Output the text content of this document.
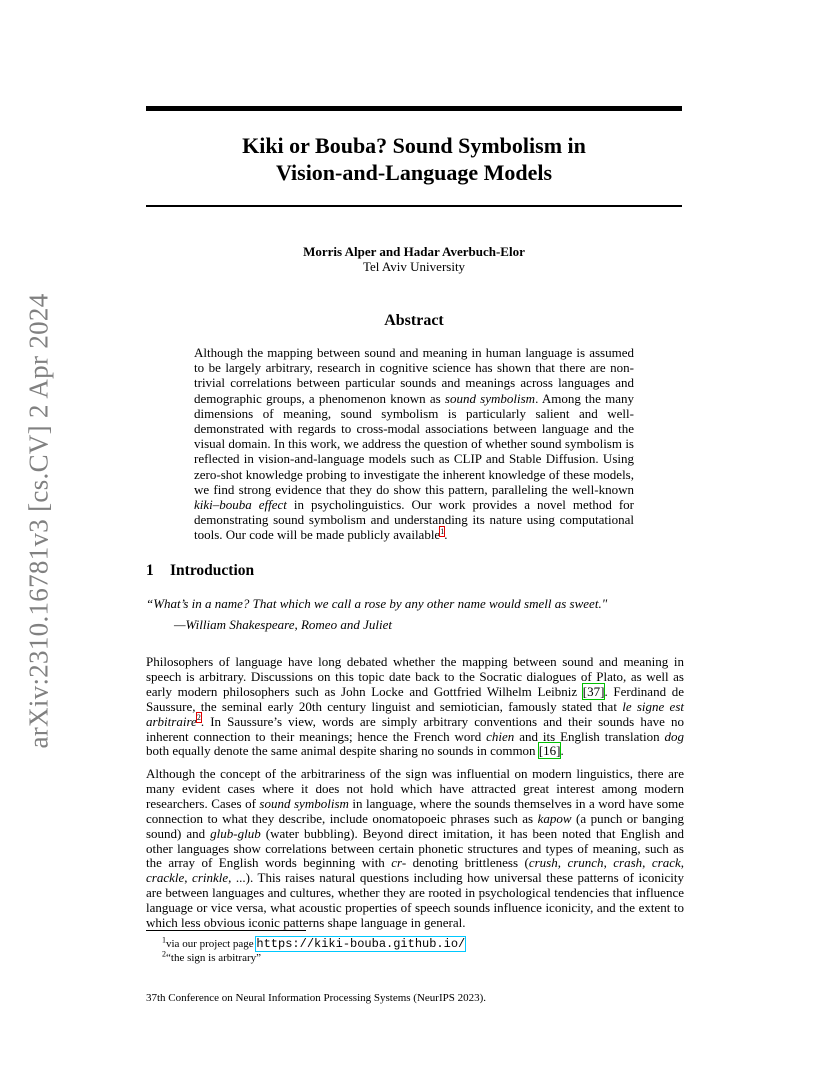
arXiv:2310.16781v3 [cs.CV] 2 Apr 2024
Kiki or Bouba? Sound Symbolism in
Vision-and-Language Models
Morris Alper and Hadar Averbuch-Elor
Tel Aviv University
Abstract
Although the mapping between sound and meaning in human language is assumed to be largely arbitrary, research in cognitive science has shown that there are non-trivial correlations between particular sounds and meanings across languages and demographic groups, a phenomenon known as sound symbolism. Among the many dimensions of meaning, sound symbolism is particularly salient and well-demonstrated with regards to cross-modal associations between language and the visual domain. In this work, we address the question of whether sound symbolism is reflected in vision-and-language models such as CLIP and Stable Diffusion. Using zero-shot knowledge probing to investigate the inherent knowledge of these models, we find strong evidence that they do show this pattern, paralleling the well-known kiki–bouba effect in psycholinguistics. Our work provides a novel method for demonstrating sound symbolism and understanding its nature using computational tools. Our code will be made publicly available$^1$.
1 Introduction
“What’s in a name? That which we call a rose by any other name would smell as sweet."
—William Shakespeare, Romeo and Juliet
Philosophers of language have long debated whether the mapping between sound and meaning in speech is arbitrary. Discussions on this topic date back to the Socratic dialogues of Plato, as well as early modern philosophers such as John Locke and Gottfried Wilhelm Leibniz [37]. Ferdinand de Saussure, the seminal early 20th century linguist and semiotician, famously stated that le signe est arbitraire$^2$. In Saussure’s view, words are simply arbitrary conventions and their sounds have no inherent connection to their meanings; hence the French word chien and its English translation dog both equally denote the same animal despite sharing no sounds in common [16].
Although the concept of the arbitrariness of the sign was influential on modern linguistics, there are many evident cases where it does not hold which have attracted great interest among modern researchers. Cases of sound symbolism in language, where the sounds themselves in a word have some connection to what they describe, include onomatopoeic phrases such as kapow (a punch or banging sound) and glub-glub (water bubbling). Beyond direct imitation, it has been noted that English and other languages show correlations between certain phonetic structures and types of meaning, such as the array of English words beginning with cr- denoting brittleness (crush, crunch, crash, crack, crackle, crinkle, ...). This raises natural questions including how universal these patterns of iconicity are between languages and cultures, whether they are rooted in psychological tendencies that influence language or vice versa, what acoustic properties of speech sounds influence iconicity, and the extent to which less obvious iconic patterns shape language in general.
$^1$via our project page https://kiki-bouba.github.io/
$^2$“the sign is arbitrary”
37th Conference on Neural Information Processing Systems (NeurIPS 2023).
